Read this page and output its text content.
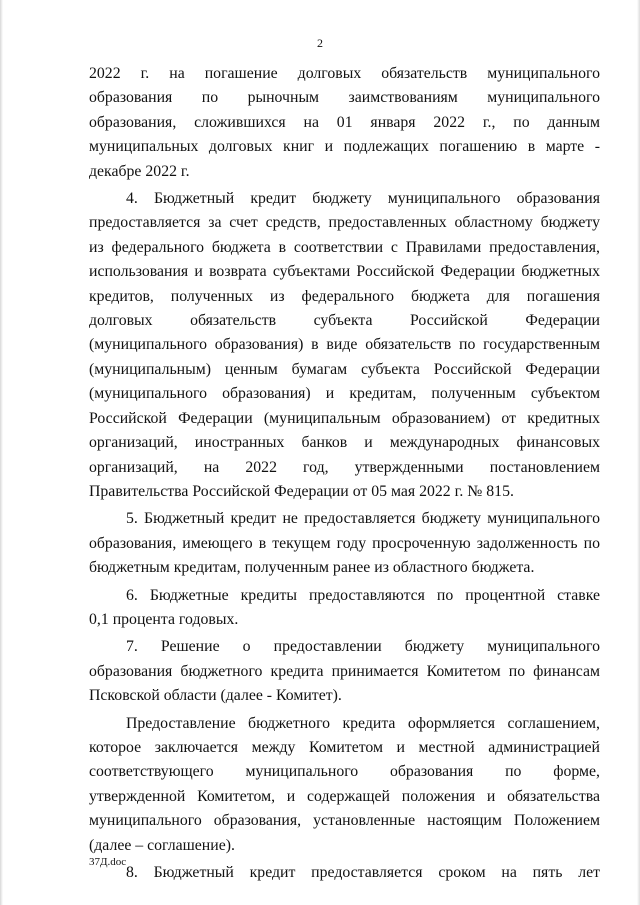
2
2022 г. на погашение долговых обязательств муниципального
образования по рыночным заимствованиям муниципального
образования, сложившихся на 01 января 2022 г., по данным
муниципальных долговых книг и подлежащих погашению в марте -
декабре 2022 г.
4. Бюджетный кредит бюджету муниципального образования
предоставляется за счет средств, предоставленных областному бюджету
из федерального бюджета в соответствии с Правилами предоставления,
использования и возврата субъектами Российской Федерации бюджетных
кредитов, полученных из федерального бюджета для погашения
долговых обязательств субъекта Российской Федерации
(муниципального образования) в виде обязательств по государственным
(муниципальным) ценным бумагам субъекта Российской Федерации
(муниципального образования) и кредитам, полученным субъектом
Российской Федерации (муниципальным образованием) от кредитных
организаций, иностранных банков и международных финансовых
организаций, на 2022 год, утвержденными постановлением
Правительства Российской Федерации от 05 мая 2022 г. № 815.
5. Бюджетный кредит не предоставляется бюджету муниципального
образования, имеющего в текущем году просроченную задолженность по
бюджетным кредитам, полученным ранее из областного бюджета.
6. Бюджетные кредиты предоставляются по процентной ставке
0,1 процента годовых.
7. Решение о предоставлении бюджету муниципального
образования бюджетного кредита принимается Комитетом по финансам
Псковской области (далее - Комитет).
Предоставление бюджетного кредита оформляется соглашением,
которое заключается между Комитетом и местной администрацией
соответствующего муниципального образования по форме,
утвержденной Комитетом, и содержащей положения и обязательства
муниципального образования, установленные настоящим Положением
(далее – соглашение).
8. Бюджетный кредит предоставляется сроком на пять лет
37Д.doc
